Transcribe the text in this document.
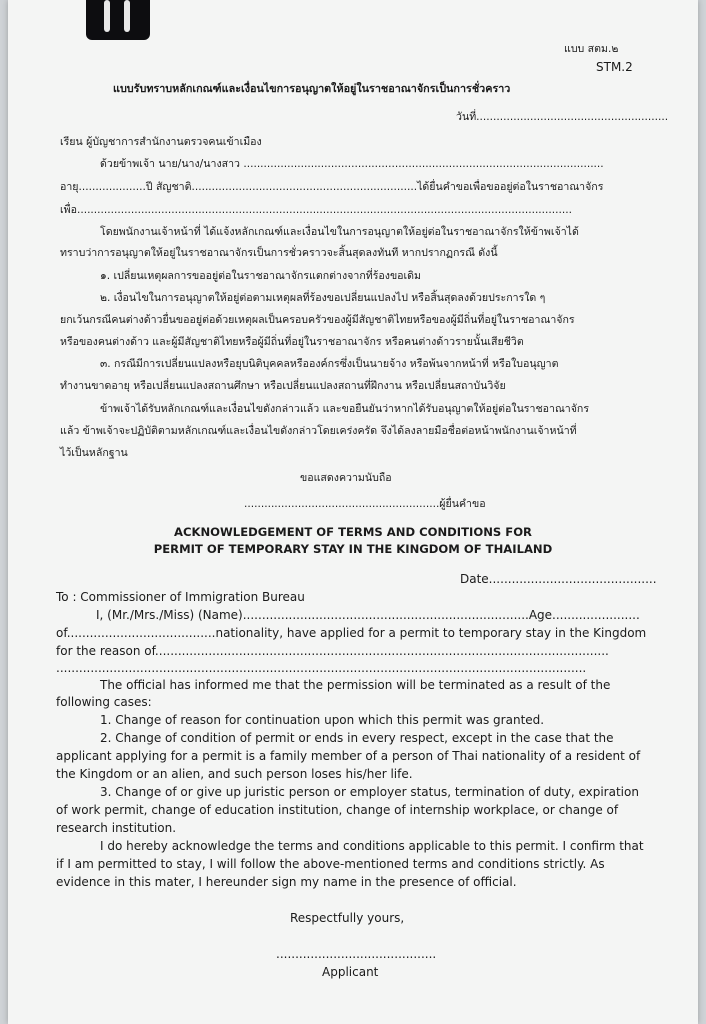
แบบ สตม.๒
STM.2
แบบรับทราบหลักเกณฑ์และเงื่อนไขการอนุญาตให้อยู่ในราชอาณาจักรเป็นการชั่วคราว
วันที่.........................................................
เรียน ผู้บัญชาการสำนักงานตรวจคนเข้าเมือง
ด้วยข้าพเจ้า นาย/นาง/นางสาว ...........................................................................................................
อายุ....................ปี สัญชาติ...................................................................ได้ยื่นคำขอเพื่อขออยู่ต่อในราชอาณาจักร
เพื่อ...................................................................................................................................................
โดยพนักงานเจ้าหน้าที่ ได้แจ้งหลักเกณฑ์และเงื่อนไขในการอนุญาตให้อยู่ต่อในราชอาณาจักรให้ข้าพเจ้าได้
ทราบว่าการอนุญาตให้อยู่ในราชอาณาจักรเป็นการชั่วคราวจะสิ้นสุดลงทันที หากปรากฏกรณี ดังนี้
๑. เปลี่ยนเหตุผลการขออยู่ต่อในราชอาณาจักรแตกต่างจากที่ร้องขอเดิม
๒. เงื่อนไขในการอนุญาตให้อยู่ต่อตามเหตุผลที่ร้องขอเปลี่ยนแปลงไป หรือสิ้นสุดลงด้วยประการใด ๆ
ยกเว้นกรณีคนต่างด้าวยื่นขออยู่ต่อด้วยเหตุผลเป็นครอบครัวของผู้มีสัญชาติไทยหรือของผู้มีถิ่นที่อยู่ในราชอาณาจักร
หรือของคนต่างด้าว และผู้มีสัญชาติไทยหรือผู้มีถิ่นที่อยู่ในราชอาณาจักร หรือคนต่างด้าวรายนั้นเสียชีวิต
๓. กรณีมีการเปลี่ยนแปลงหรือยุบนิติบุคคลหรือองค์กรซึ่งเป็นนายจ้าง หรือพ้นจากหน้าที่ หรือใบอนุญาต
ทำงานขาดอายุ หรือเปลี่ยนแปลงสถานศึกษา หรือเปลี่ยนแปลงสถานที่ฝึกงาน หรือเปลี่ยนสถาบันวิจัย
ข้าพเจ้าได้รับหลักเกณฑ์และเงื่อนไขดังกล่าวแล้ว และขอยืนยันว่าหากได้รับอนุญาตให้อยู่ต่อในราชอาณาจักร
แล้ว ข้าพเจ้าจะปฏิบัติตามหลักเกณฑ์และเงื่อนไขดังกล่าวโดยเคร่งครัด จึงได้ลงลายมือชื่อต่อหน้าพนักงานเจ้าหน้าที่
ไว้เป็นหลักฐาน
ขอแสดงความนับถือ
..........................................................ผู้ยื่นคำขอ
ACKNOWLEDGEMENT OF TERMS AND CONDITIONS FOR
PERMIT OF TEMPORARY STAY IN THE KINGDOM OF THAILAND
Date............................................
To : Commissioner of Immigration Bureau
I, (Mr./Mrs./Miss) (Name)...........................................................................Age.......................
of.......................................nationality, have applied for a permit to temporary stay in the Kingdom
for the reason of.......................................................................................................................
...........................................................................................................................................
The official has informed me that the permission will be terminated as a result of the
following cases:
1. Change of reason for continuation upon which this permit was granted.
2. Change of condition of permit or ends in every respect, except in the case that the
applicant applying for a permit is a family member of a person of Thai nationality of a resident of
the Kingdom or an alien, and such person loses his/her life.
3. Change of or give up juristic person or employer status, termination of duty, expiration
of work permit, change of education institution, change of internship workplace, or change of
research institution.
I do hereby acknowledge the terms and conditions applicable to this permit. I confirm that
if I am permitted to stay, I will follow the above-mentioned terms and conditions strictly. As
evidence in this mater, I hereunder sign my name in the presence of official.
Respectfully yours,
..........................................
Applicant
